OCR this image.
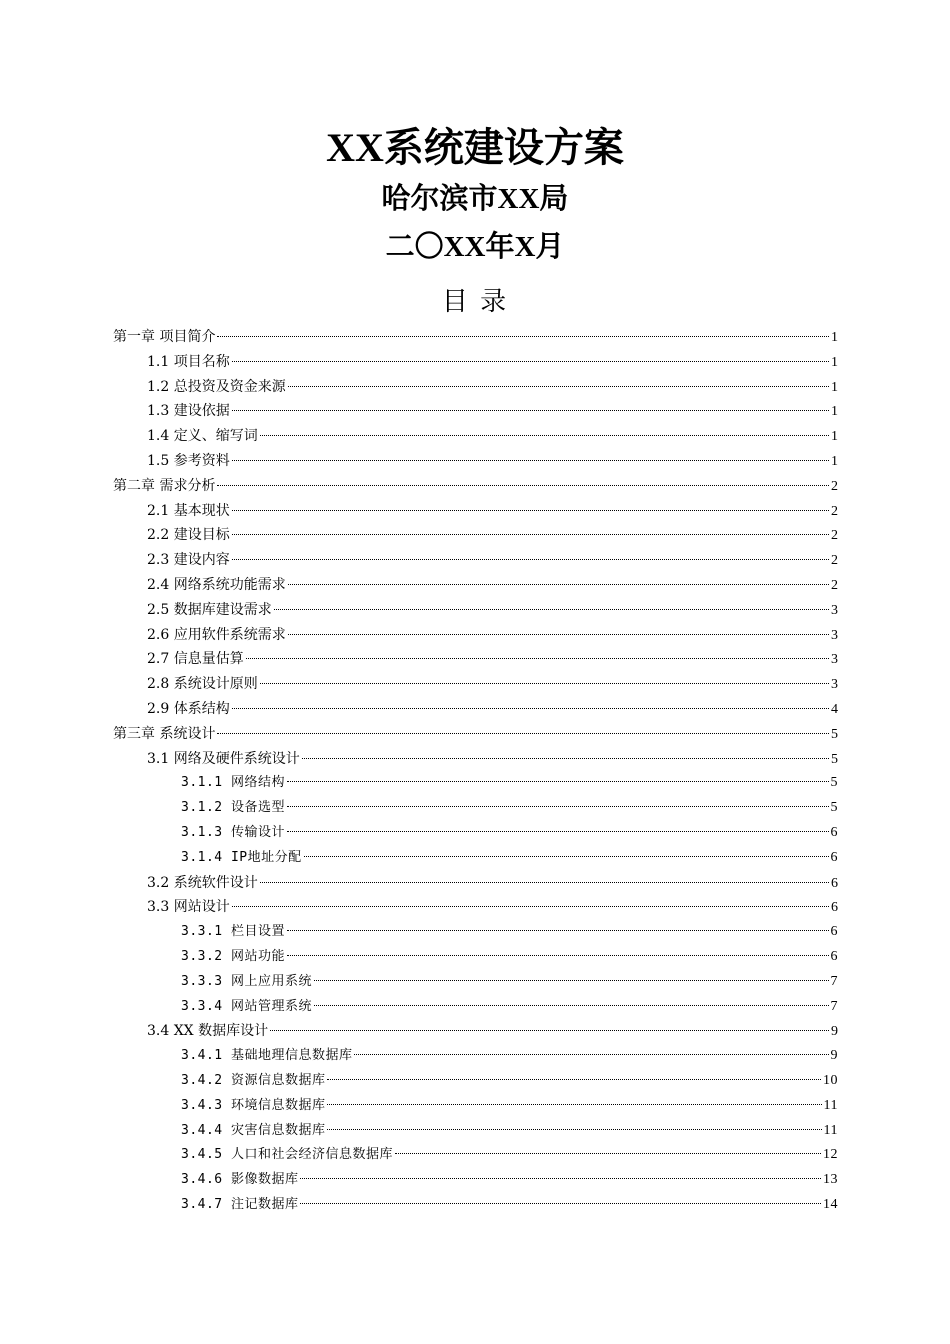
XX系统建设方案
哈尔滨市XX局
二〇XX年X月
目 录
第一章 项目简介	1
1.1 项目名称	1
1.2 总投资及资金来源	1
1.3 建设依据	1
1.4 定义、缩写词	1
1.5 参考资料	1
第二章 需求分析	2
2.1 基本现状	2
2.2 建设目标	2
2.3 建设内容	2
2.4 网络系统功能需求	2
2.5 数据库建设需求	3
2.6 应用软件系统需求	3
2.7 信息量估算	3
2.8 系统设计原则	3
2.9 体系结构	4
第三章 系统设计	5
3.1 网络及硬件系统设计	5
3.1.1 网络结构	5
3.1.2 设备选型	5
3.1.3 传输设计	6
3.1.4 IP地址分配	6
3.2 系统软件设计	6
3.3 网站设计	6
3.3.1 栏目设置	6
3.3.2 网站功能	6
3.3.3 网上应用系统	7
3.3.4 网站管理系统	7
3.4 XX 数据库设计	9
3.4.1 基础地理信息数据库	9
3.4.2 资源信息数据库	10
3.4.3 环境信息数据库	11
3.4.4 灾害信息数据库	11
3.4.5 人口和社会经济信息数据库	12
3.4.6 影像数据库	13
3.4.7 注记数据库	14
